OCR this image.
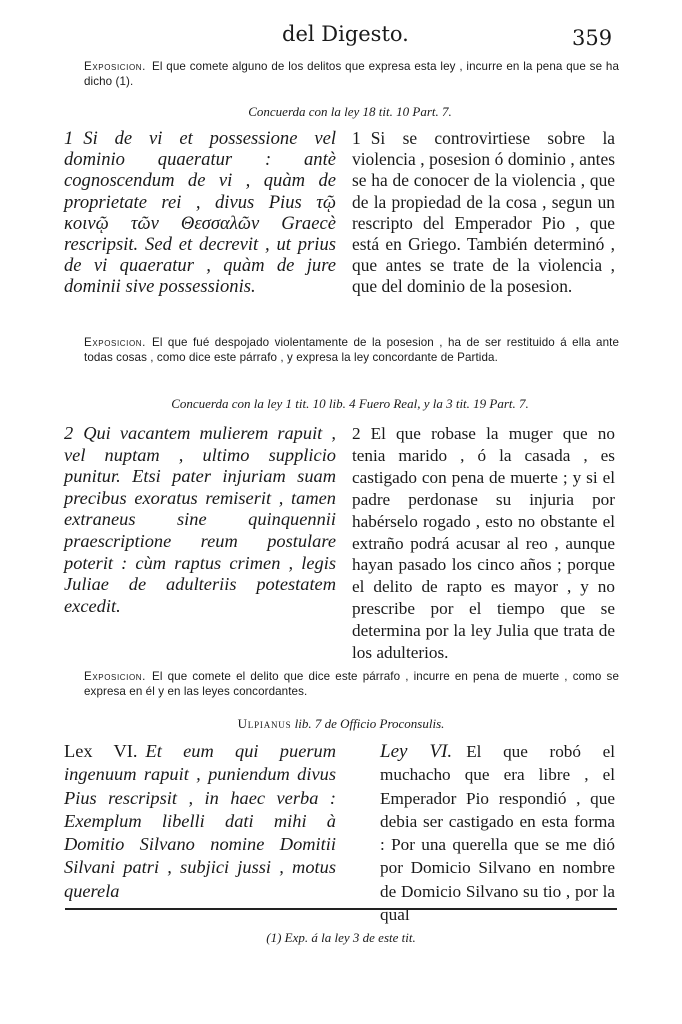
del Digesto.	359
Exposicion. El que comete alguno de los delitos que expresa esta ley , incurre en la pena que se ha dicho (1).
Concuerda con la ley 18 tit. 10 Part. 7.
1 Si de vi et possessione vel dominio quaeratur : antè cognoscendum de vi , quàm de proprietate rei , divus Pius τῷ κοινῷ τῶν Θεσσαλῶν Graecè rescripsit. Sed et decrevit , ut prius de vi quaeratur , quàm de jure dominii sive possessionis.
1 Si se controvirtiese sobre la violencia , posesion ó dominio , antes se ha de conocer de la violencia , que de la propiedad de la cosa , segun un rescripto del Emperador Pio , que está en Griego. También determinó , que antes se trate de la violencia , que del dominio de la posesion.
Exposicion. El que fué despojado violentamente de la posesion , ha de ser restituido á ella ante todas cosas , como dice este párrafo , y expresa la ley concordante de Partida.
Concuerda con la ley 1 tit. 10 lib. 4 Fuero Real, y la 3 tit. 19 Part. 7.
2 Qui vacantem mulierem rapuit , vel nuptam , ultimo supplicio punitur. Etsi pater injuriam suam precibus exoratus remiserit , tamen extraneus sine quinquennii praescriptione reum postulare poterit : cùm raptus crimen , legis Juliae de adulteriis potestatem excedit.
2 El que robase la muger que no tenia marido , ó la casada , es castigado con pena de muerte ; y si el padre perdonase su injuria por habérselo rogado , esto no obstante el extraño podrá acusar al reo , aunque hayan pasado los cinco años ; porque el delito de rapto es mayor , y no prescribe por el tiempo que se determina por la ley Julia que trata de los adulterios.
Exposicion. El que comete el delito que dice este párrafo , incurre en pena de muerte , como se expresa en él y en las leyes concordantes.
Ulpianus lib. 7 de Officio Proconsulis.
Lex VI. Et eum qui puerum ingenuum rapuit , puniendum divus Pius rescripsit , in haec verba : Exemplum libelli dati mihi à Domitio Silvano nomine Domitii Silvani patri , subjici jussi , motus querela
Ley VI. El que robó el muchacho que era libre , el Emperador Pio respondió , que debia ser castigado en esta forma : Por una querella que se me dió por Domicio Silvano en nombre de Domicio Silvano su tio , por la qual
(1) Exp. á la ley 3 de este tit.
